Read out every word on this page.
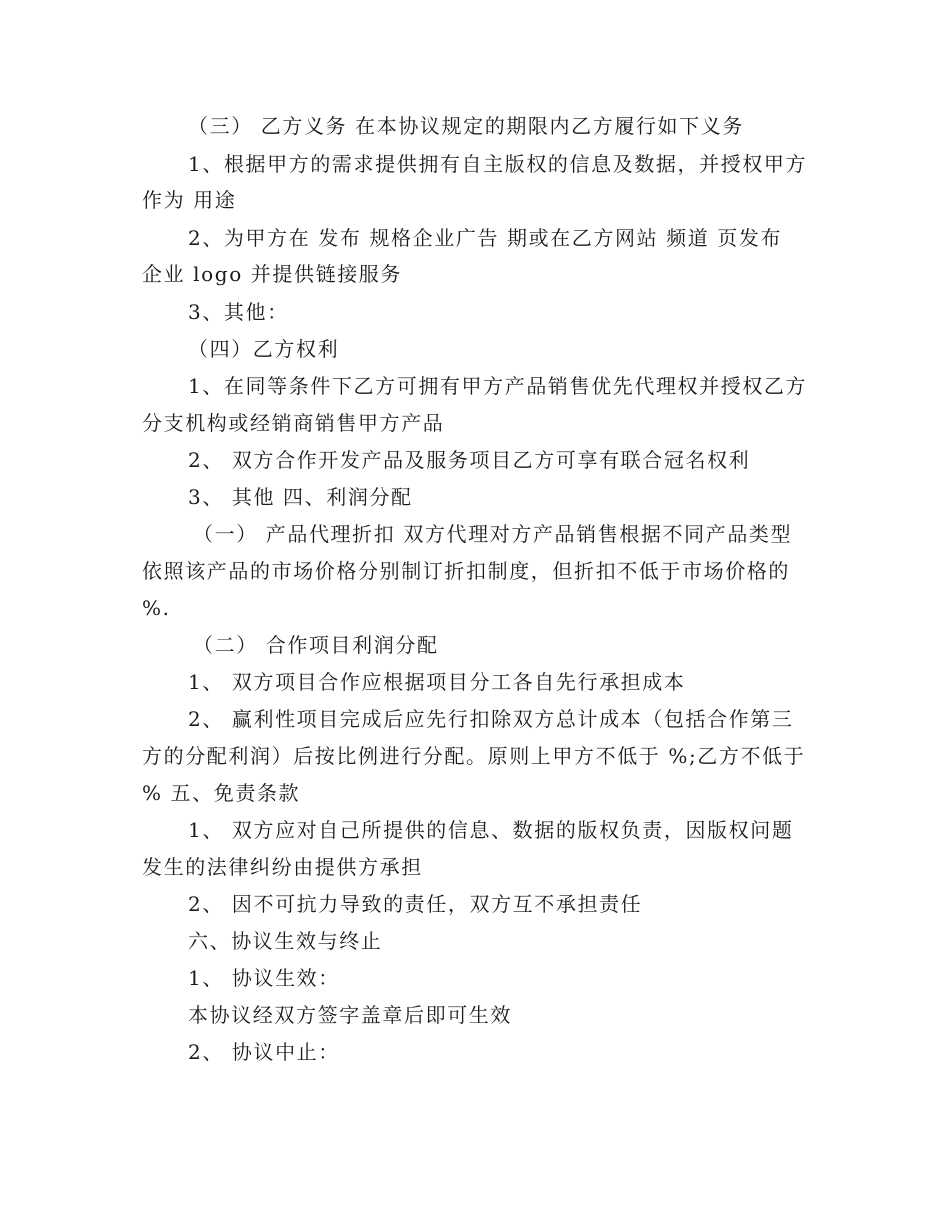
（三） 乙方义务 在本协议规定的期限内乙方履行如下义务
1、根据甲方的需求提供拥有自主版权的信息及数据，并授权甲方
作为 用途
2、为甲方在 发布 规格企业广告 期或在乙方网站 频道 页发布
企业 logo 并提供链接服务
3、其他：
（四）乙方权利
1、在同等条件下乙方可拥有甲方产品销售优先代理权并授权乙方
分支机构或经销商销售甲方产品
2、 双方合作开发产品及服务项目乙方可享有联合冠名权利
3、 其他 四、利润分配
（一） 产品代理折扣 双方代理对方产品销售根据不同产品类型
依照该产品的市场价格分别制订折扣制度，但折扣不低于市场价格的
%.
（二） 合作项目利润分配
1、 双方项目合作应根据项目分工各自先行承担成本
2、 赢利性项目完成后应先行扣除双方总计成本（包括合作第三
方的分配利润）后按比例进行分配。原则上甲方不低于 %;乙方不低于
% 五、免责条款
1、 双方应对自己所提供的信息、数据的版权负责，因版权问题
发生的法律纠纷由提供方承担
2、 因不可抗力导致的责任，双方互不承担责任
六、协议生效与终止
1、 协议生效：
本协议经双方签字盖章后即可生效
2、 协议中止：
